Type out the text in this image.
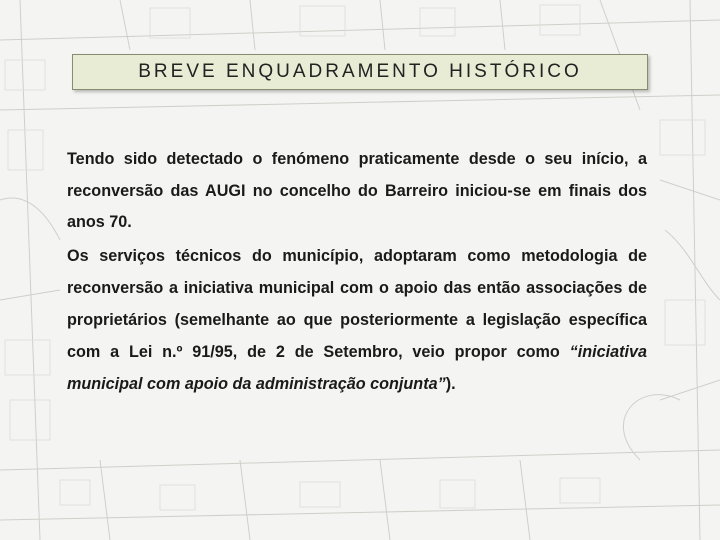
BREVE ENQUADRAMENTO HISTÓRICO

Tendo sido detectado o fenómeno praticamente desde o seu início, a reconversão das AUGI no concelho do Barreiro iniciou-se em finais dos anos 70.

Os serviços técnicos do município, adoptaram como metodologia de reconversão a iniciativa municipal com o apoio das então associações de proprietários (semelhante ao que posteriormente a legislação específica com a Lei n.º 91/95, de 2 de Setembro, veio propor como “iniciativa municipal com apoio da administração conjunta”).
